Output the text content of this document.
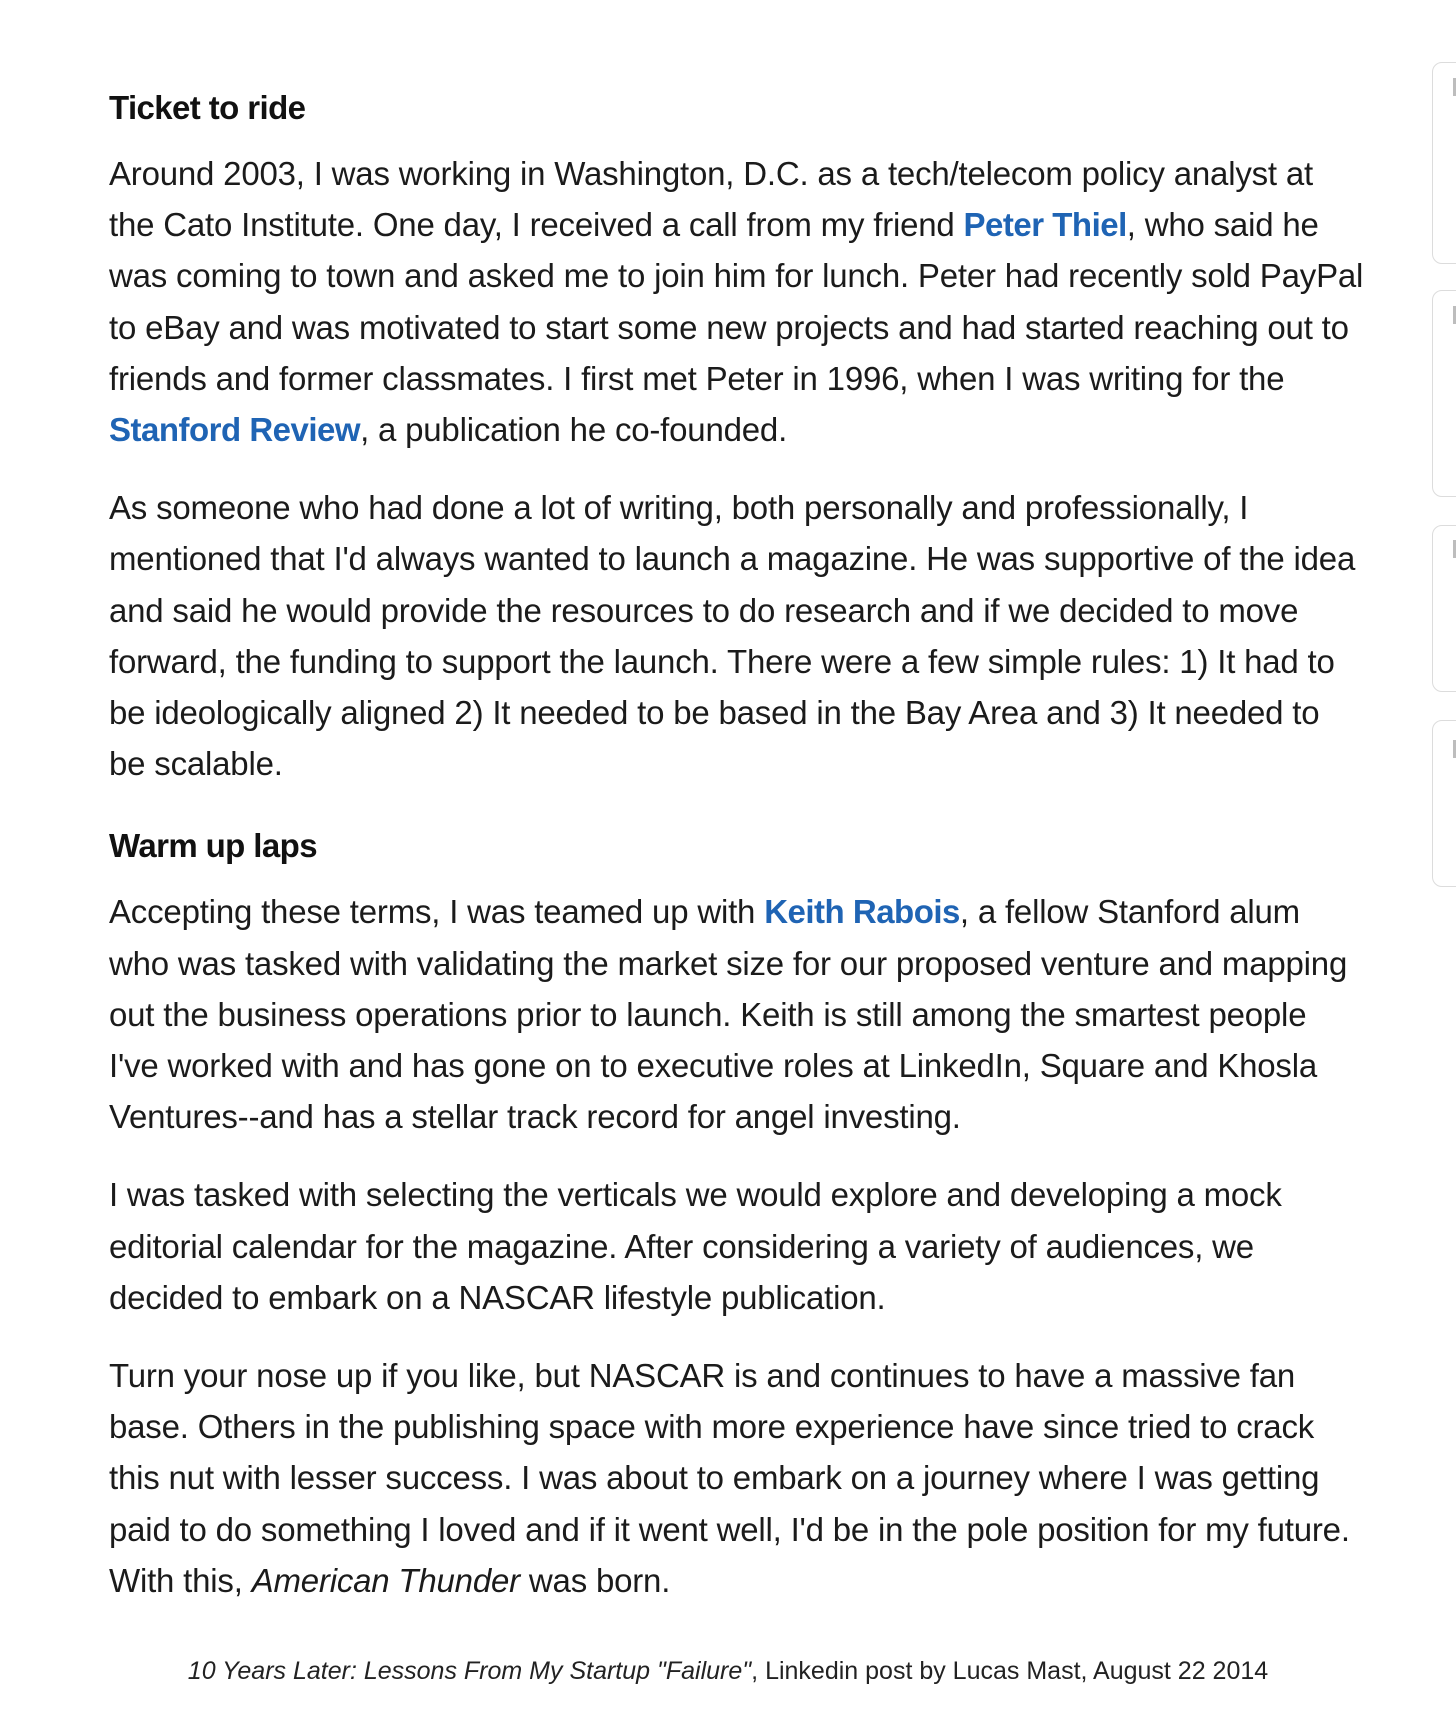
Ticket to ride

Around 2003, I was working in Washington, D.C. as a tech/telecom policy analyst at the Cato Institute. One day, I received a call from my friend Peter Thiel, who said he was coming to town and asked me to join him for lunch. Peter had recently sold PayPal to eBay and was motivated to start some new projects and had started reaching out to friends and former classmates. I first met Peter in 1996, when I was writing for the Stanford Review, a publication he co-founded.

As someone who had done a lot of writing, both personally and professionally, I mentioned that I'd always wanted to launch a magazine. He was supportive of the idea and said he would provide the resources to do research and if we decided to move forward, the funding to support the launch. There were a few simple rules: 1) It had to be ideologically aligned 2) It needed to be based in the Bay Area and 3) It needed to be scalable.

Warm up laps

Accepting these terms, I was teamed up with Keith Rabois, a fellow Stanford alum who was tasked with validating the market size for our proposed venture and mapping out the business operations prior to launch. Keith is still among the smartest people I've worked with and has gone on to executive roles at LinkedIn, Square and Khosla Ventures--and has a stellar track record for angel investing.

I was tasked with selecting the verticals we would explore and developing a mock editorial calendar for the magazine. After considering a variety of audiences, we decided to embark on a NASCAR lifestyle publication.

Turn your nose up if you like, but NASCAR is and continues to have a massive fan base. Others in the publishing space with more experience have since tried to crack this nut with lesser success. I was about to embark on a journey where I was getting paid to do something I loved and if it went well, I'd be in the pole position for my future. With this, American Thunder was born.

10 Years Later: Lessons From My Startup "Failure", Linkedin post by Lucas Mast, August 22 2014
